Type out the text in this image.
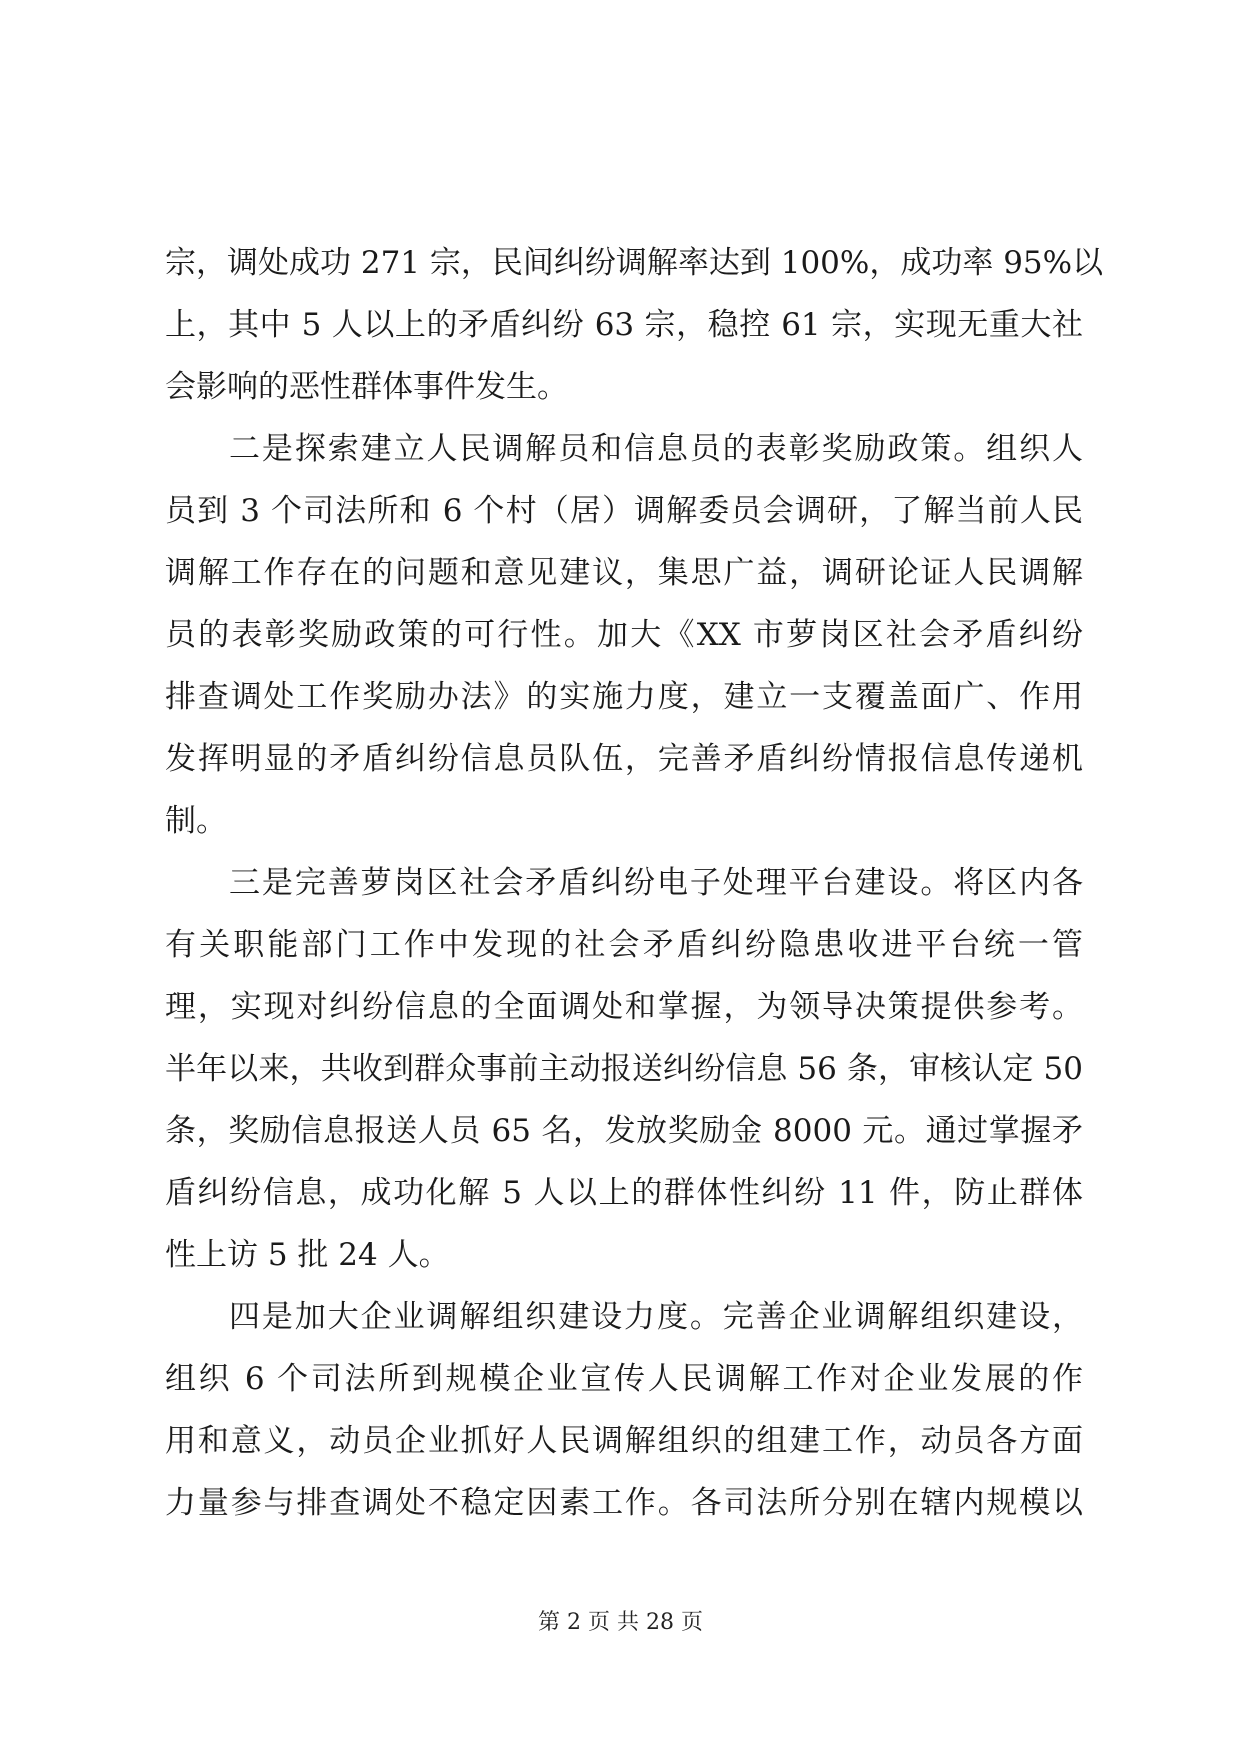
宗，调处成功 271 宗，民间纠纷调解率达到 100%，成功率 95%以
上，其中 5 人以上的矛盾纠纷 63 宗，稳控 61 宗，实现无重大社
会影响的恶性群体事件发生。
二是探索建立人民调解员和信息员的表彰奖励政策。组织人
员到 3 个司法所和 6 个村（居）调解委员会调研，了解当前人民
调解工作存在的问题和意见建议，集思广益，调研论证人民调解
员的表彰奖励政策的可行性。加大《XX 市萝岗区社会矛盾纠纷
排查调处工作奖励办法》的实施力度，建立一支覆盖面广、作用
发挥明显的矛盾纠纷信息员队伍，完善矛盾纠纷情报信息传递机
制。
三是完善萝岗区社会矛盾纠纷电子处理平台建设。将区内各
有关职能部门工作中发现的社会矛盾纠纷隐患收进平台统一管
理，实现对纠纷信息的全面调处和掌握，为领导决策提供参考。
半年以来，共收到群众事前主动报送纠纷信息 56 条，审核认定 50
条，奖励信息报送人员 65 名，发放奖励金 8000 元。通过掌握矛
盾纠纷信息，成功化解 5 人以上的群体性纠纷 11 件，防止群体
性上访 5 批 24 人。
四是加大企业调解组织建设力度。完善企业调解组织建设，
组织 6 个司法所到规模企业宣传人民调解工作对企业发展的作
用和意义，动员企业抓好人民调解组织的组建工作，动员各方面
力量参与排查调处不稳定因素工作。各司法所分别在辖内规模以
第 2 页 共 28 页
